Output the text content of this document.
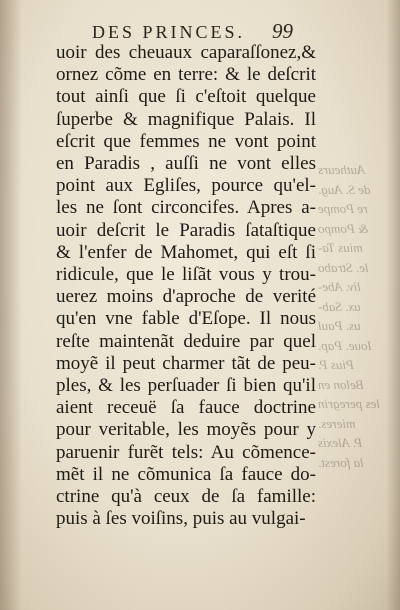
DES PRINCES. 99
Autheurs
de S. Aug.
re Pompe
& Pompo
mius Ta-
le. Strabo
liv. Abe-
ux. Sab-
us. Paul
Ioue. Pap.
Pius P.
Belon en
les peregrin
mieres.
P. Alexis
la forest.
uoir des cheuaux caparaſſonez,&
ornez cõme en terre: & le deſcrit
tout ainſi que ſi c'eſtoit quelque
ſuperbe & magnifique Palais. Il
eſcrit que femmes ne vont point
en Paradis , auſſi ne vont elles
point aux Egliſes, pource qu'el-
les ne ſont circoncifes. Apres a-
uoir deſcrit le Paradis ſataſtique
& l'enfer de Mahomet, qui eſt ſi
ridicule, que le liſãt vous y trou-
uerez moins d'aproche de verité
qu'en vne fable d'Eſope. Il nous
reſte maintenãt deduire par quel
moyẽ il peut charmer tãt de peu-
ples, & les perſuader ſi bien qu'il
aient receuë ſa fauce doctrine
pour veritable, les moyẽs pour y
paruenir furẽt tels: Au cõmence-
mẽt il ne cõmunica ſa fauce do-
ctrine qu'à ceux de ſa famille:
puis à ſes voiſins, puis au vulgai-
